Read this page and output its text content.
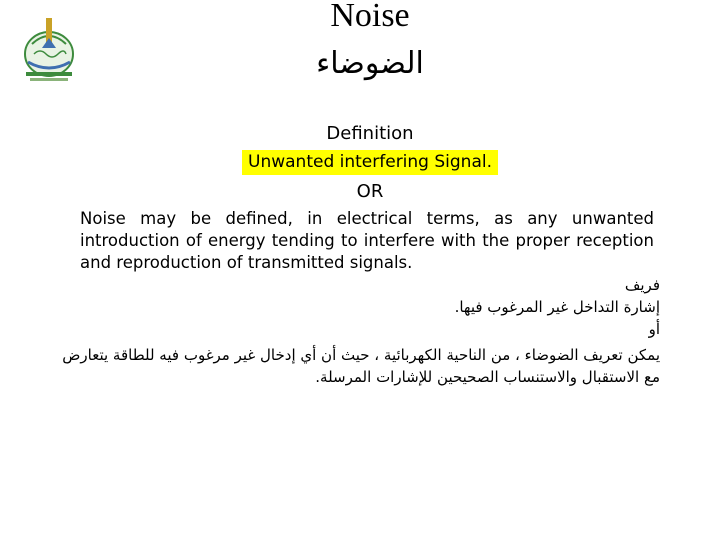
Noise
الضوضاء
Definition
Unwanted interfering Signal.
OR

Noise may be defined, in electrical terms, as any unwanted introduction of energy tending to interfere with the proper reception and reproduction of transmitted signals.

فريف

إشارة التداخل غير المرغوب فيها.

أو

يمكن تعريف الضوضاء ، من الناحية الكهربائية ، حيث أن أي إدخال غير مرغوب فيه للطاقة يتعارض مع الاستقبال والاستنساب الصحيحين للإشارات المرسلة.
